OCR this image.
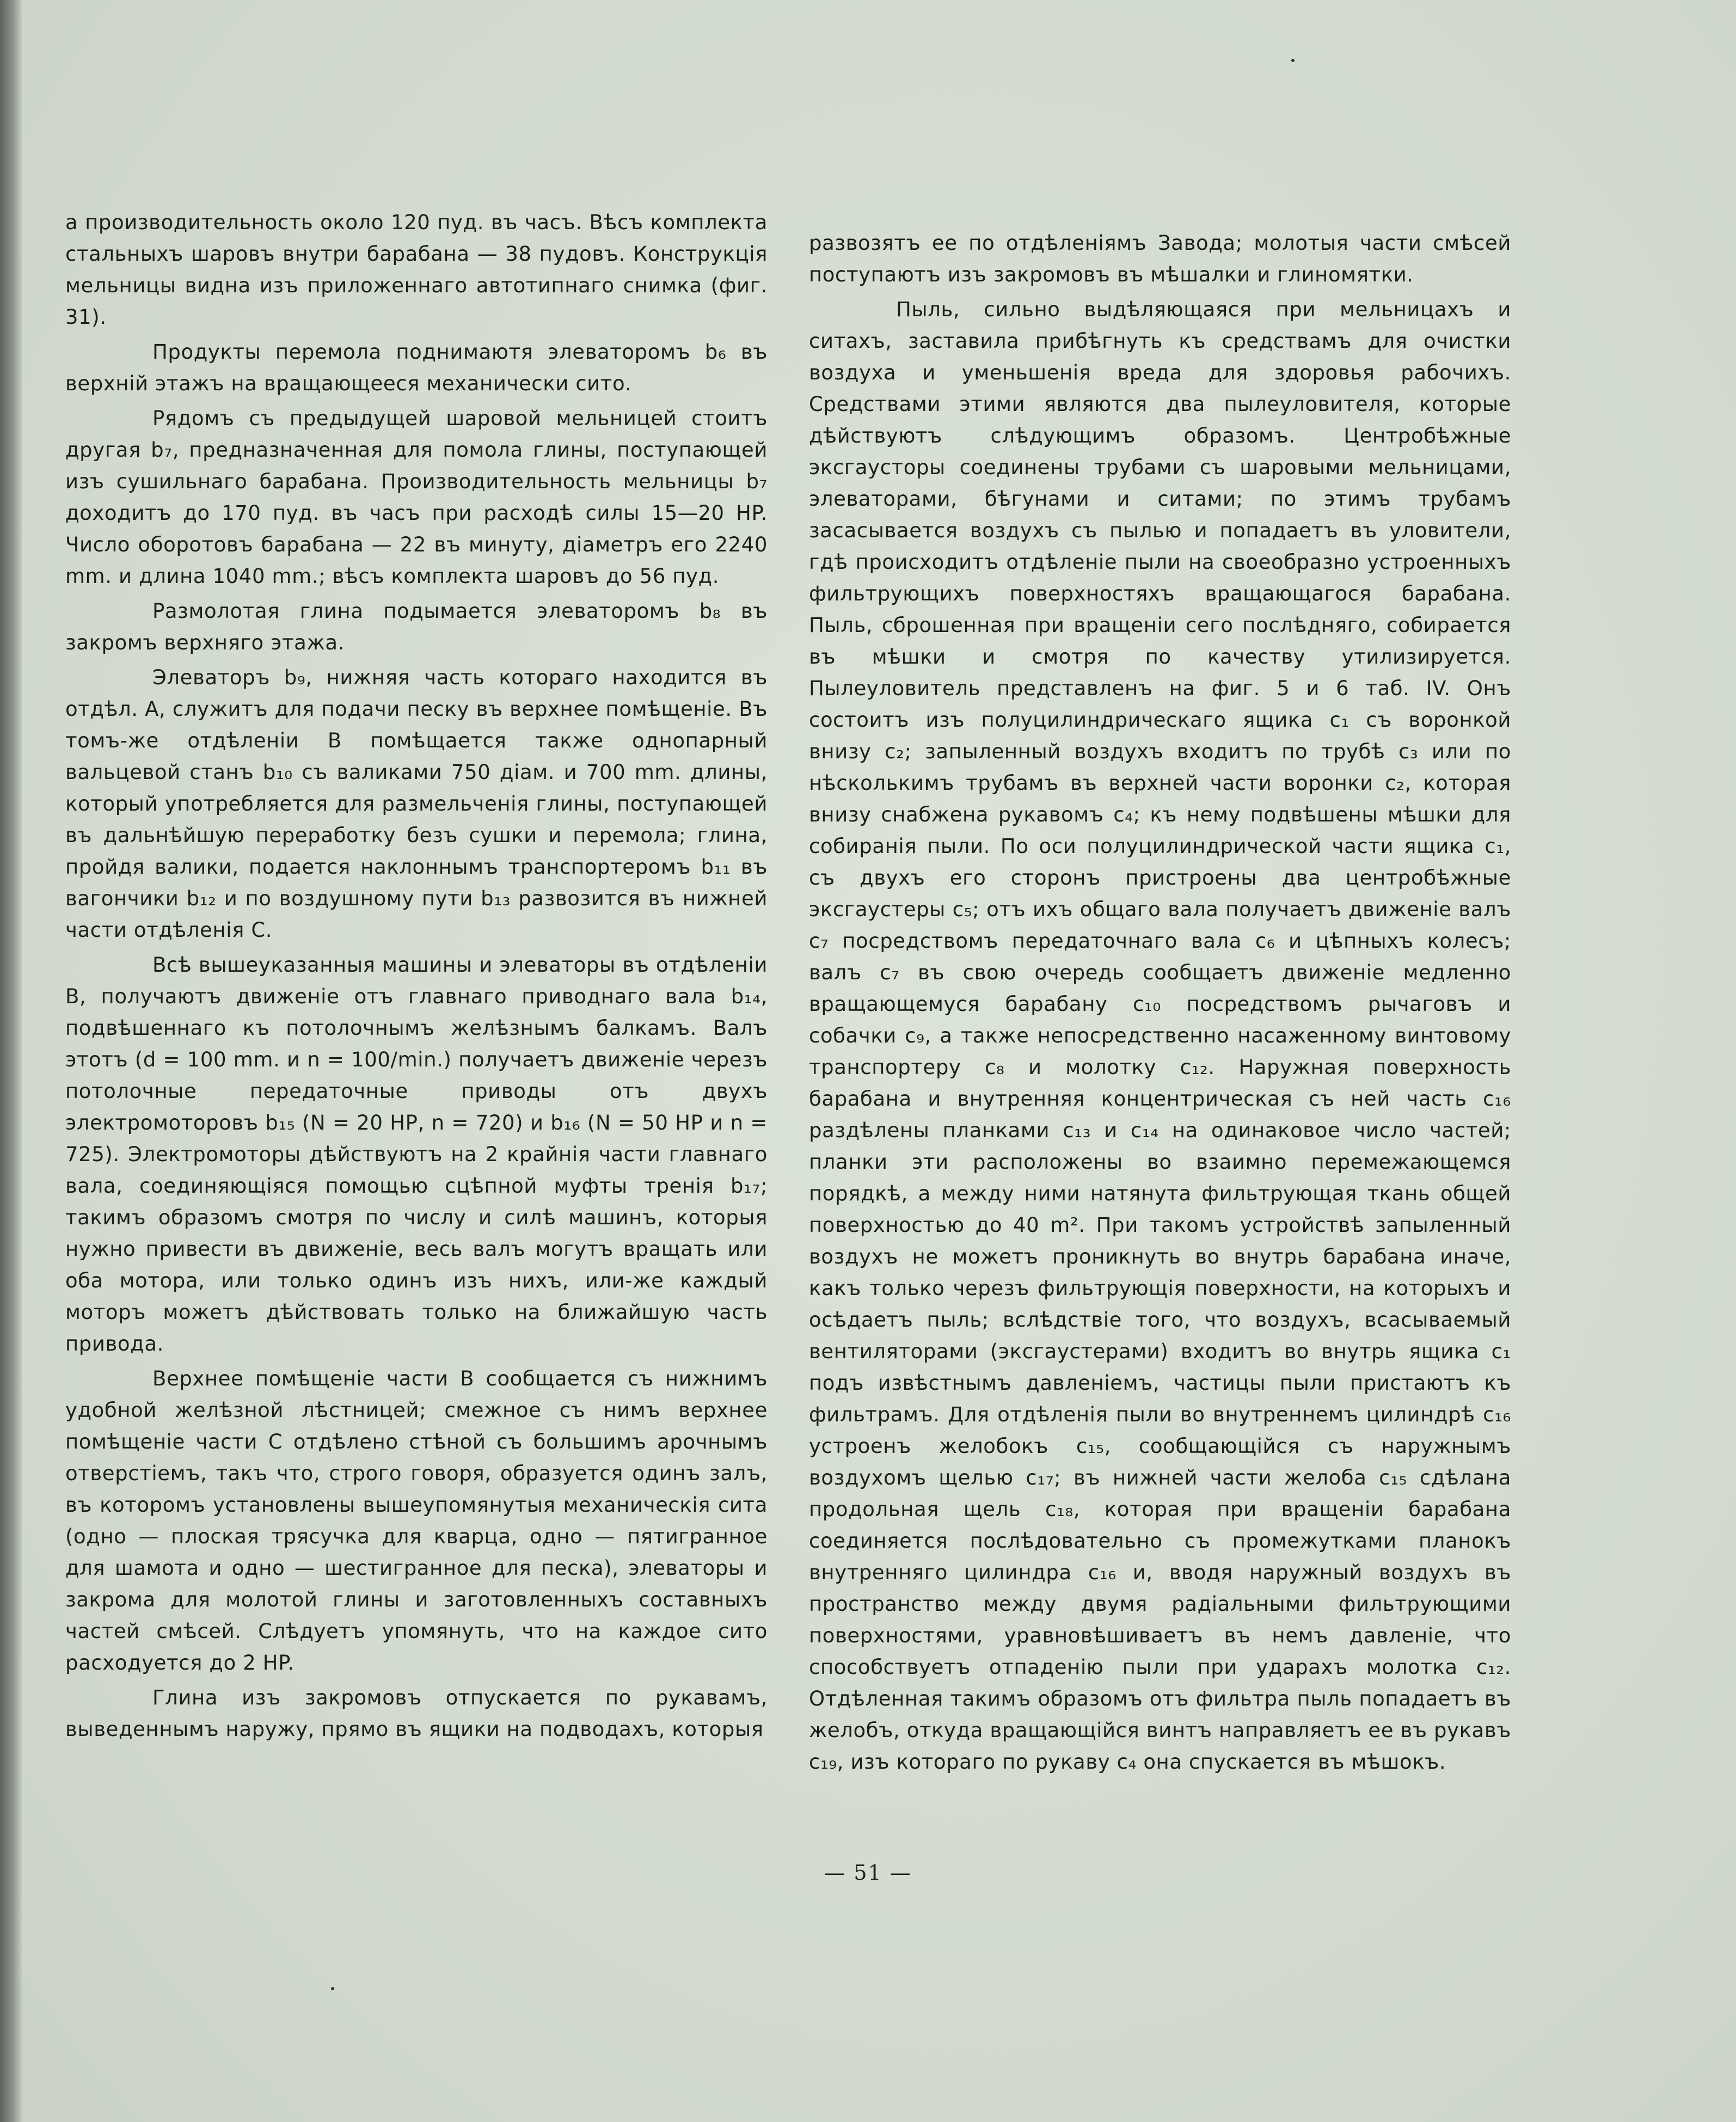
а производительность около 120 пуд. въ часъ. Вѣсъ комплекта стальныхъ шаровъ внутри барабана — 38 пудовъ. Конструкція мельницы видна изъ приложеннаго автотипнаго снимка (фиг. 31).

Продукты перемола поднимаютя элеваторомъ b₆ въ верхній этажъ на вращающееся механически сито.

Рядомъ съ предыдущей шаровой мельницей стоитъ другая b₇, предназначенная для помола глины, поступающей изъ сушильнаго барабана. Производительность мельницы b₇ доходитъ до 170 пуд. въ часъ при расходѣ силы 15—20 HP. Число оборотовъ барабана — 22 въ минуту, діаметръ его 2240 mm. и длина 1040 mm.; вѣсъ комплекта шаровъ до 56 пуд.

Размолотая глина подымается элеваторомъ b₈ въ закромъ верхняго этажа.

Элеваторъ b₉, нижняя часть котораго находится въ отдѣл. А, служитъ для подачи песку въ верхнее помѣщеніе. Въ томъ-же отдѣленіи В помѣщается также однопарный вальцевой станъ b₁₀ съ валиками 750 діам. и 700 mm. длины, который употребляется для размельченія глины, поступающей въ дальнѣйшую переработку безъ сушки и перемола; глина, пройдя валики, подается наклоннымъ транспортеромъ b₁₁ въ вагончики b₁₂ и по воздушному пути b₁₃ развозится въ нижней части отдѣленія С.

Всѣ вышеуказанныя машины и элеваторы въ отдѣленіи В, получаютъ движеніе отъ главнаго приводнаго вала b₁₄, подвѣшеннаго къ потолочнымъ желѣзнымъ балкамъ. Валъ этотъ (d = 100 mm. и n = 100/min.) получаетъ движеніе черезъ потолочные передаточные приводы отъ двухъ электромоторовъ b₁₅ (N = 20 HP, n = 720) и b₁₆ (N = 50 HP и n = 725). Электромоторы дѣйствуютъ на 2 крайнія части главнаго вала, соединяющіяся помощью сцѣпной муфты тренія b₁₇; такимъ образомъ смотря по числу и силѣ машинъ, которыя нужно привести въ движеніе, весь валъ могутъ вращать или оба мотора, или только одинъ изъ нихъ, или-же каждый моторъ можетъ дѣйствовать только на ближайшую часть привода.

Верхнее помѣщеніе части В сообщается съ нижнимъ удобной желѣзной лѣстницей; смежное съ нимъ верхнее помѣщеніе части С отдѣлено стѣной съ большимъ арочнымъ отверстіемъ, такъ что, строго говоря, образуется одинъ залъ, въ которомъ установлены вышеупомянутыя механическія сита (одно — плоская трясучка для кварца, одно — пятигранное для шамота и одно — шестигранное для песка), элеваторы и закрома для молотой глины и заготовленныхъ составныхъ частей смѣсей. Слѣдуетъ упомянуть, что на каждое сито расходуется до 2 HP.

Глина изъ закромовъ отпускается по рукавамъ, выведеннымъ наружу, прямо въ ящики на подводахъ, которыя

развозятъ ее по отдѣленіямъ Завода; молотыя части смѣсей поступаютъ изъ закромовъ въ мѣшалки и глиномятки.

Пыль, сильно выдѣляющаяся при мельницахъ и ситахъ, заставила прибѣгнуть къ средствамъ для очистки воздуха и уменьшенія вреда для здоровья рабочихъ. Средствами этими являются два пылеуловителя, которые дѣйствуютъ слѣдующимъ образомъ. Центробѣжные эксгаусторы соединены трубами съ шаровыми мельницами, элеваторами, бѣгунами и ситами; по этимъ трубамъ засасывается воздухъ съ пылью и попадаетъ въ уловители, гдѣ происходитъ отдѣленіе пыли на своеобразно устроенныхъ фильтрующихъ поверхностяхъ вращающагося барабана. Пыль, сброшенная при вращеніи сего послѣдняго, собирается въ мѣшки и смотря по качеству утилизируется. Пылеуловитель представленъ на фиг. 5 и 6 таб. IV. Онъ состоитъ изъ полуцилиндрическаго ящика c₁ съ воронкой внизу c₂; запыленный воздухъ входитъ по трубѣ c₃ или по нѣсколькимъ трубамъ въ верхней части воронки c₂, которая внизу снабжена рукавомъ c₄; къ нему подвѣшены мѣшки для собиранія пыли. По оси полуцилиндрической части ящика c₁, съ двухъ его сторонъ пристроены два центробѣжные эксгаустеры c₅; отъ ихъ общаго вала получаетъ движеніе валъ c₇ посредствомъ передаточнаго вала c₆ и цѣпныхъ колесъ; валъ c₇ въ свою очередь сообщаетъ движеніе медленно вращающемуся барабану c₁₀ посредствомъ рычаговъ и собачки c₉, а также непосредственно насаженному винтовому транспортеру c₈ и молотку c₁₂. Наружная поверхность барабана и внутренняя концентрическая съ ней часть c₁₆ раздѣлены планками c₁₃ и c₁₄ на одинаковое число частей; планки эти расположены во взаимно перемежающемся порядкѣ, а между ними натянута фильтрующая ткань общей поверхностью до 40 m². При такомъ устройствѣ запыленный воздухъ не можетъ проникнуть во внутрь барабана иначе, какъ только черезъ фильтрующія поверхности, на которыхъ и осѣдаетъ пыль; вслѣдствіе того, что воздухъ, всасываемый вентиляторами (эксгаустерами) входитъ во внутрь ящика c₁ подъ извѣстнымъ давленіемъ, частицы пыли пристаютъ къ фильтрамъ. Для отдѣленія пыли во внутреннемъ цилиндрѣ c₁₆ устроенъ желобокъ c₁₅, сообщающійся съ наружнымъ воздухомъ щелью c₁₇; въ нижней части желоба c₁₅ сдѣлана продольная щель c₁₈, которая при вращеніи барабана соединяется послѣдовательно съ промежутками планокъ внутренняго цилиндра c₁₆ и, вводя наружный воздухъ въ пространство между двумя радіальными фильтрующими поверхностями, уравновѣшиваетъ въ немъ давленіе, что способствуетъ отпаденію пыли при ударахъ молотка c₁₂. Отдѣленная такимъ образомъ отъ фильтра пыль попадаетъ въ желобъ, откуда вращающійся винтъ направляетъ ее въ рукавъ c₁₉, изъ котораго по рукаву c₄ она спускается въ мѣшокъ.

— 51 —
